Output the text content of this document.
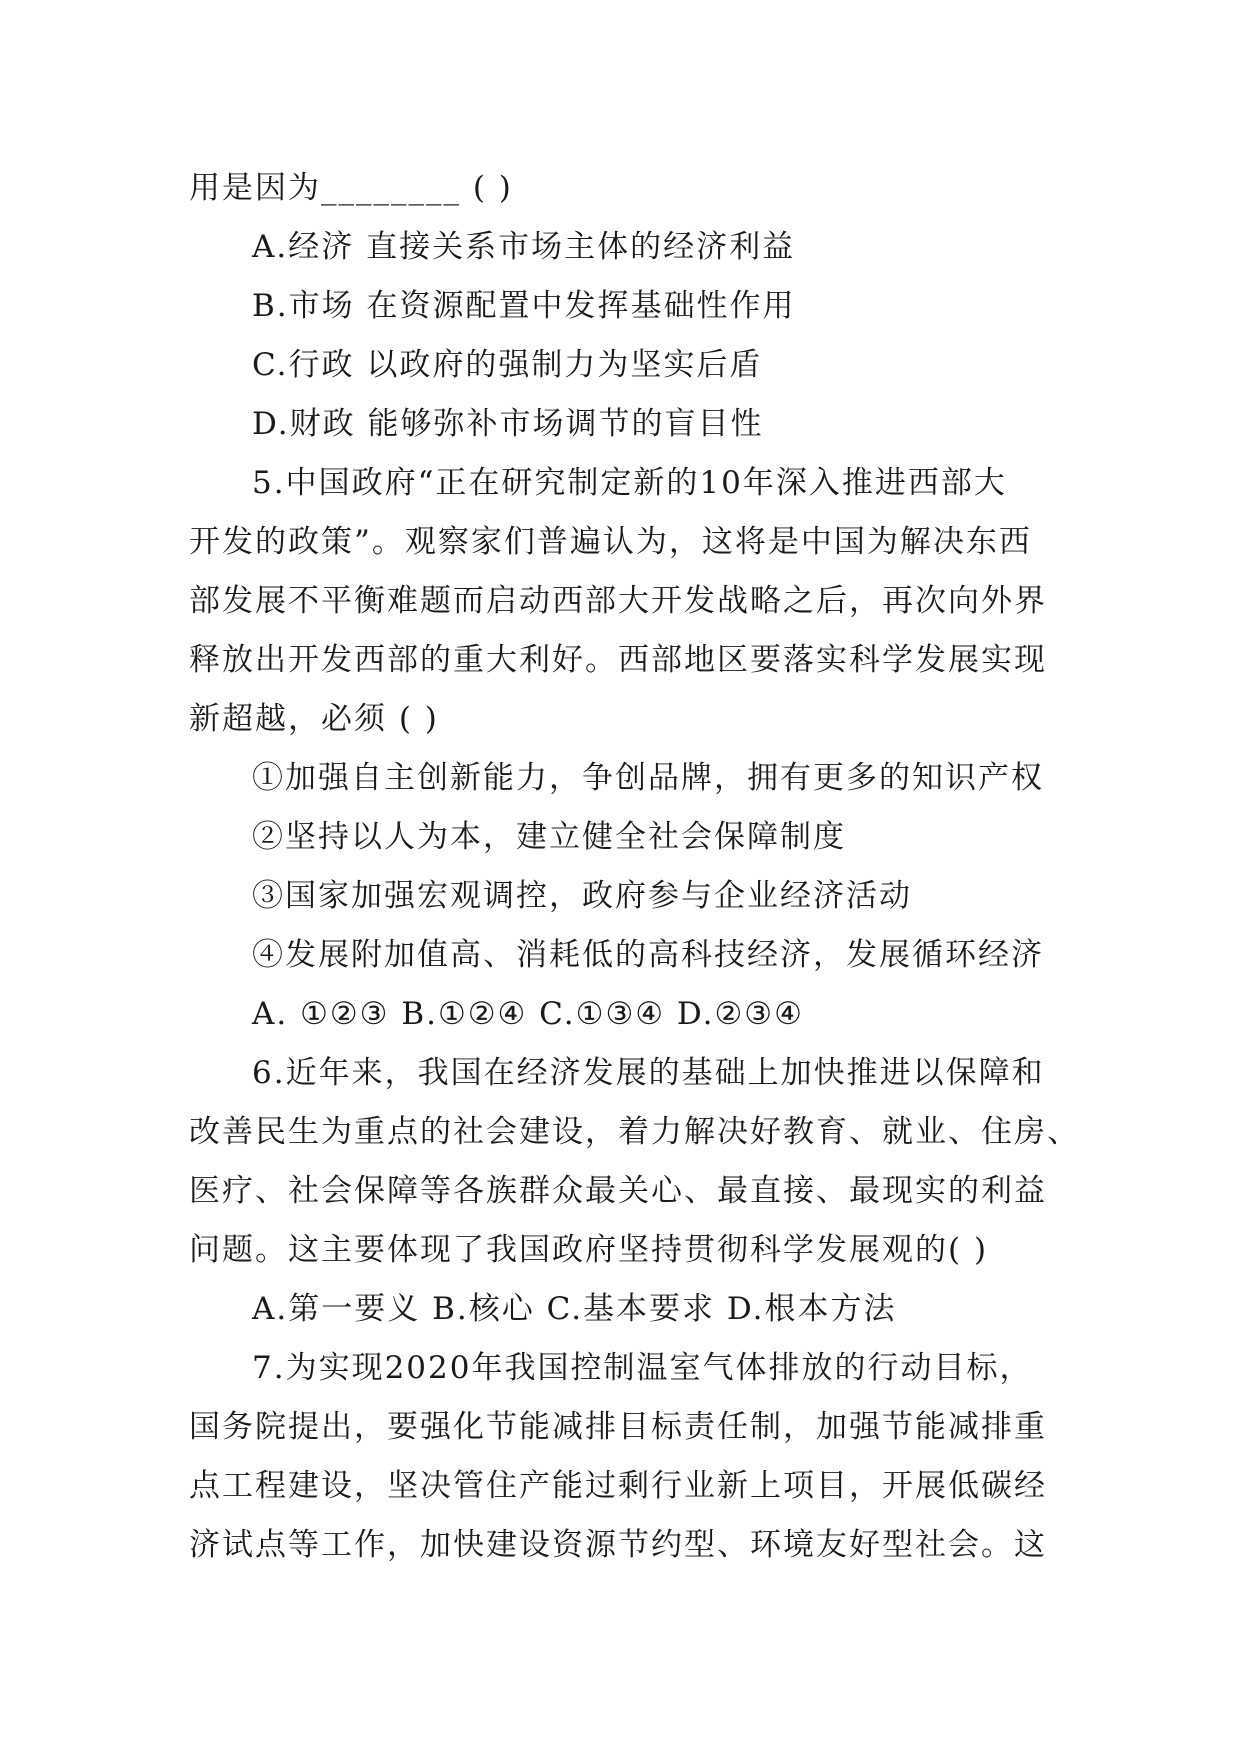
用是因为________ ( )
A.经济 直接关系市场主体的经济利益
B.市场 在资源配置中发挥基础性作用
C.行政 以政府的强制力为坚实后盾
D.财政 能够弥补市场调节的盲目性
5.中国政府“正在研究制定新的10年深入推进西部大
开发的政策”。观察家们普遍认为，这将是中国为解决东西
部发展不平衡难题而启动西部大开发战略之后，再次向外界
释放出开发西部的重大利好。西部地区要落实科学发展实现
新超越，必须 ( )
①加强自主创新能力，争创品牌，拥有更多的知识产权
②坚持以人为本，建立健全社会保障制度
③国家加强宏观调控，政府参与企业经济活动
④发展附加值高、消耗低的高科技经济，发展循环经济
A. ①②③ B.①②④ C.①③④ D.②③④
6.近年来，我国在经济发展的基础上加快推进以保障和
改善民生为重点的社会建设，着力解决好教育、就业、住房、
医疗、社会保障等各族群众最关心、最直接、最现实的利益
问题。这主要体现了我国政府坚持贯彻科学发展观的( )
A.第一要义 B.核心 C.基本要求 D.根本方法
7.为实现2020年我国控制温室气体排放的行动目标，
国务院提出，要强化节能减排目标责任制，加强节能减排重
点工程建设，坚决管住产能过剩行业新上项目，开展低碳经
济试点等工作，加快建设资源节约型、环境友好型社会。这
